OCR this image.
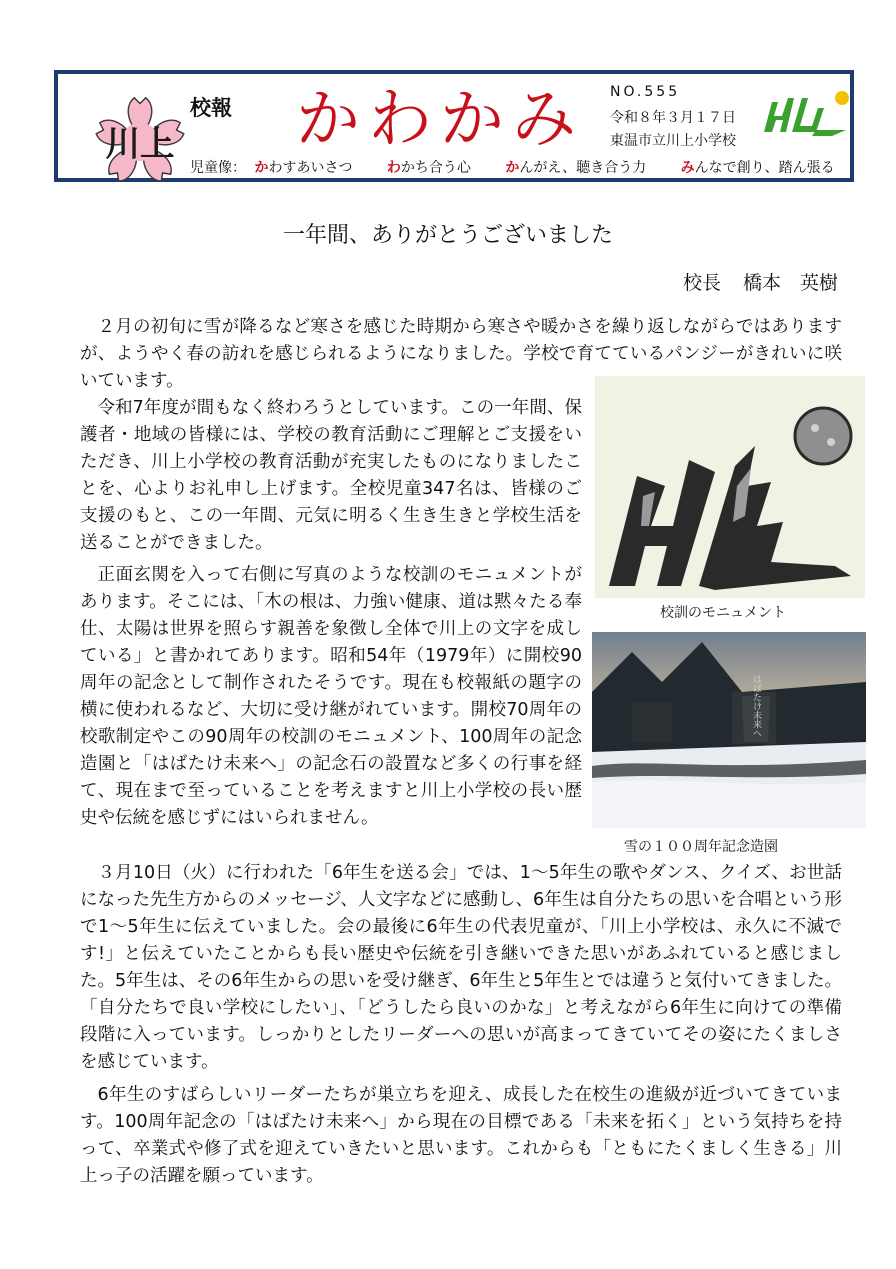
川上
校報 かわかみ NO.555
令和８年３月１７日
東温市立川上小学校
児童像： かわすあいさつ わかち合う心 かんがえ、聴き合う力 みんなで創り、踏ん張る
一年間、ありがとうございました
校長 橋本　英樹

２月の初旬に雪が降るなど寒さを感じた時期から寒さや暖かさを繰り返しながらではありますが、ようやく春の訪れを感じられるようになりました。学校で育てているパンジーがきれいに咲いています。

令和7年度が間もなく終わろうとしています。この一年間、保護者・地域の皆様には、学校の教育活動にご理解とご支援をいただき、川上小学校の教育活動が充実したものになりましたことを、心よりお礼申し上げます。全校児童347名は、皆様のご支援のもと、この一年間、元気に明るく生き生きと学校生活を送ることができました。

正面玄関を入って右側に写真のような校訓のモニュメントがあります。そこには、「木の根は、力強い健康、道は黙々たる奉仕、太陽は世界を照らす親善を象徴し全体で川上の文字を成している」と書かれてあります。昭和54年（1979年）に開校90周年の記念として制作されたそうです。現在も校報紙の題字の横に使われるなど、大切に受け継がれています。開校70周年の校歌制定やこの90周年の校訓のモニュメント、100周年の記念造園と「はばたけ未来へ」の記念石の設置など多くの行事を経て、現在まで至っていることを考えますと川上小学校の長い歴史や伝統を感じずにはいられません。

３月10日（火）に行われた「6年生を送る会」では、1～5年生の歌やダンス、クイズ、お世話になった先生方からのメッセージ、人文字などに感動し、6年生は自分たちの思いを合唱という形で1～5年生に伝えていました。会の最後に6年生の代表児童が、「川上小学校は、永久に不滅です!」と伝えていたことからも長い歴史や伝統を引き継いできた思いがあふれていると感じました。5年生は、その6年生からの思いを受け継ぎ、6年生と5年生とでは違うと気付いてきました。「自分たちで良い学校にしたい」、「どうしたら良いのかな」と考えながら6年生に向けての準備段階に入っています。しっかりとしたリーダーへの思いが高まってきていてその姿にたくましさを感じています。

6年生のすばらしいリーダーたちが巣立ちを迎え、成長した在校生の進級が近づいてきています。100周年記念の「はばたけ未来へ」から現在の目標である「未来を拓く」という気持ちを持って、卒業式や修了式を迎えていきたいと思います。これからも「ともにたくましく生きる」川上っ子の活躍を願っています。

校訓のモニュメント
はばたけ未来へ
雪の１００周年記念造園
